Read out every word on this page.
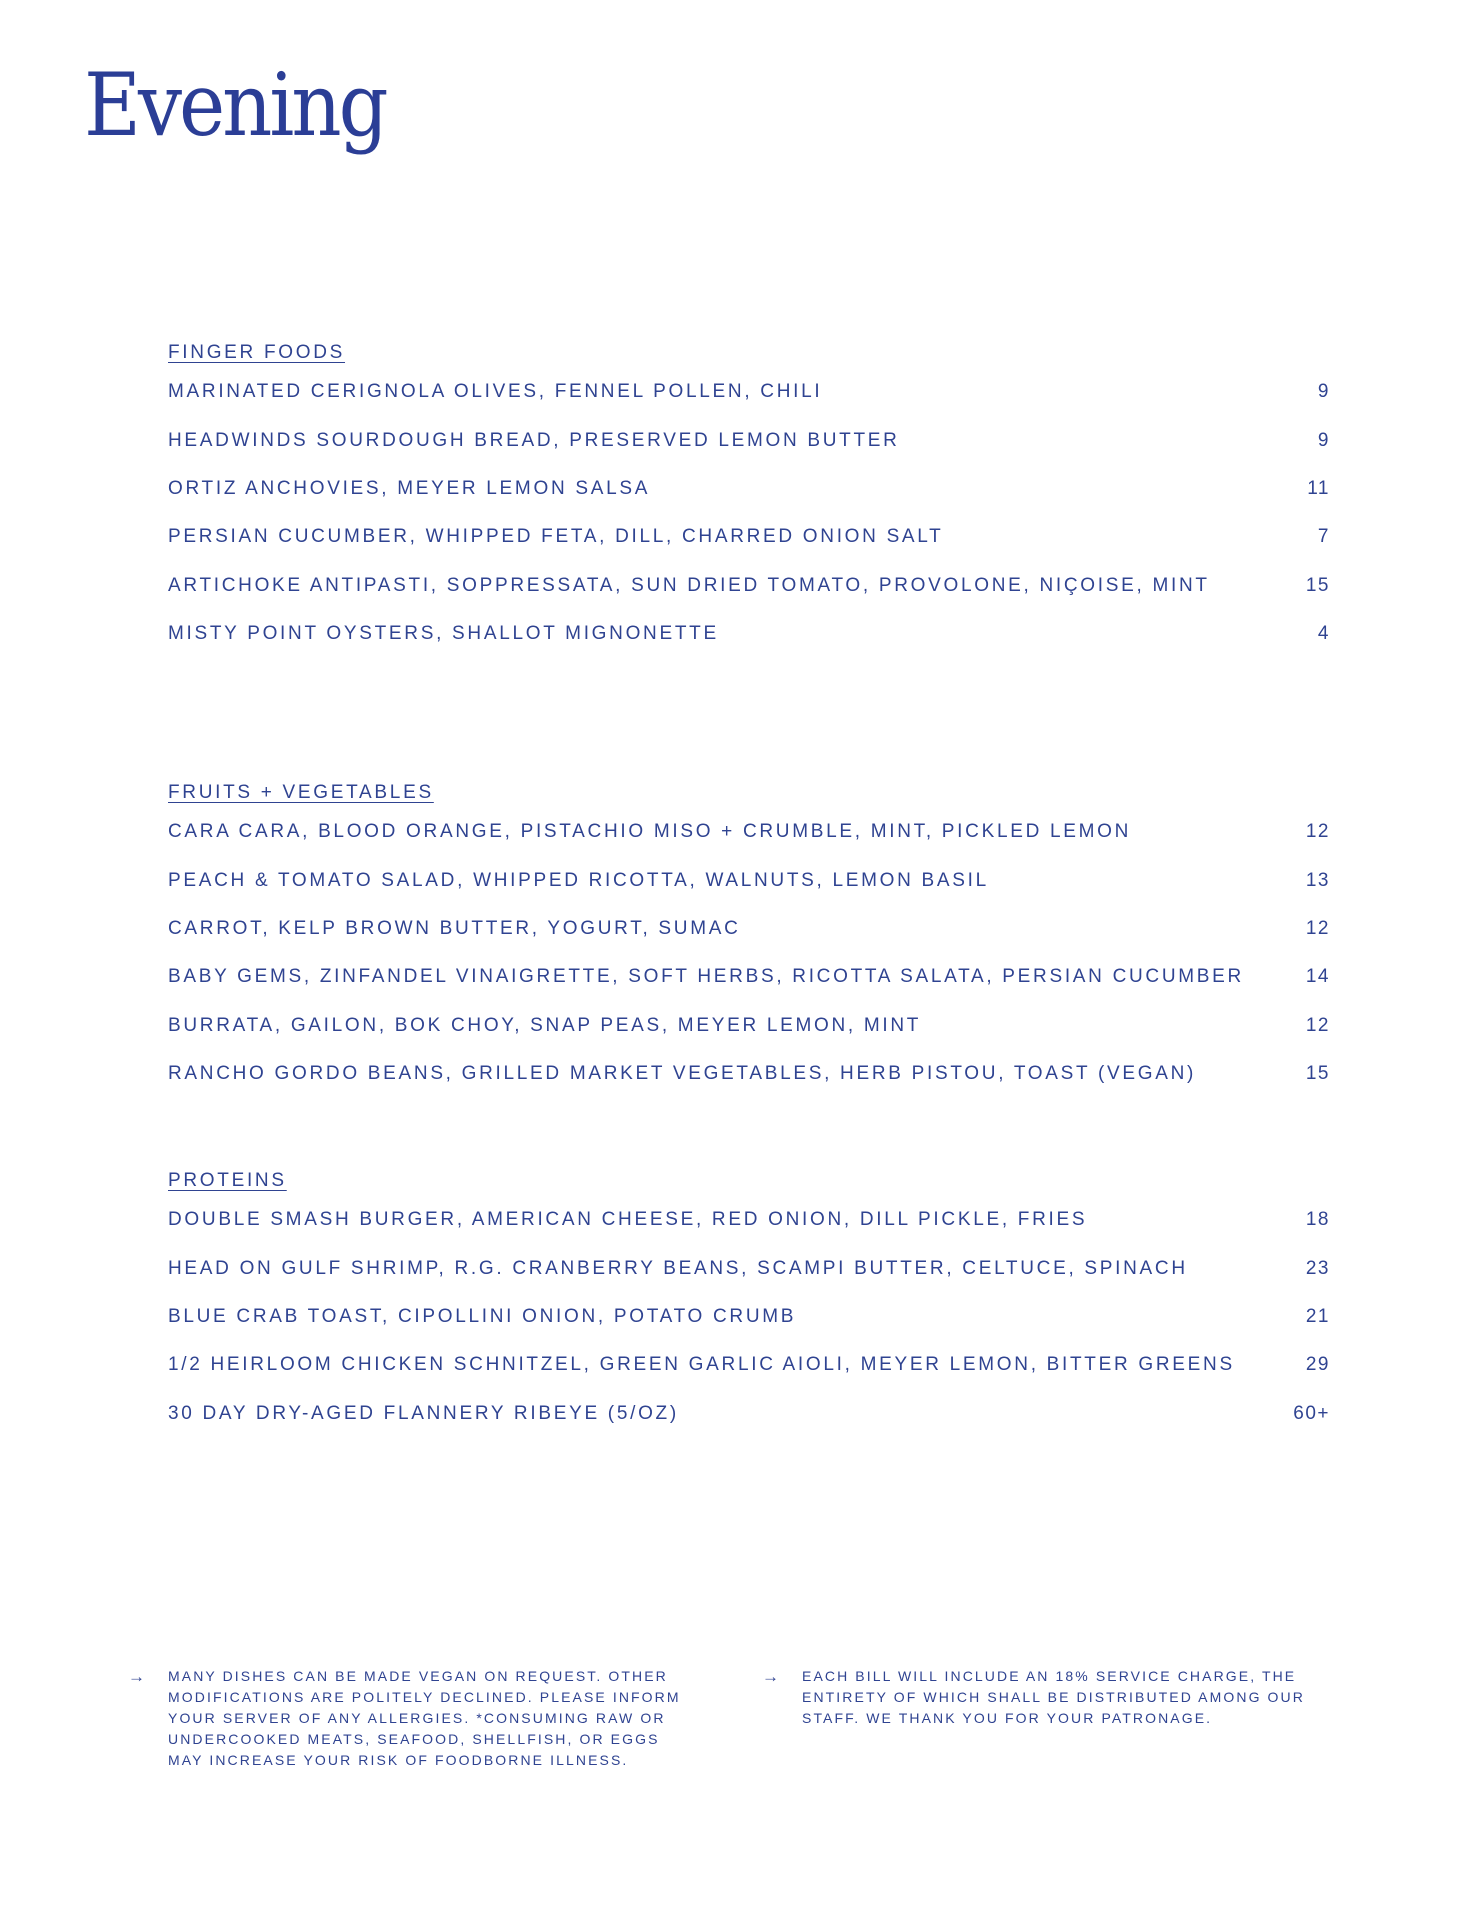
Evening
FINGER FOODS
MARINATED CERIGNOLA OLIVES, FENNEL POLLEN, CHILI	9
HEADWINDS SOURDOUGH BREAD, PRESERVED LEMON BUTTER	9
ORTIZ ANCHOVIES, MEYER LEMON SALSA	11
PERSIAN CUCUMBER, WHIPPED FETA, DILL, CHARRED ONION SALT	7
ARTICHOKE ANTIPASTI, SOPPRESSATA, SUN DRIED TOMATO, PROVOLONE, NIÇOISE, MINT	15
MISTY POINT OYSTERS, SHALLOT MIGNONETTE	4
FRUITS + VEGETABLES
CARA CARA, BLOOD ORANGE, PISTACHIO MISO + CRUMBLE, MINT, PICKLED LEMON	12
PEACH & TOMATO SALAD, WHIPPED RICOTTA, WALNUTS, LEMON BASIL	13
CARROT, KELP BROWN BUTTER, YOGURT, SUMAC	12
BABY GEMS, ZINFANDEL VINAIGRETTE, SOFT HERBS, RICOTTA SALATA, PERSIAN CUCUMBER	14
BURRATA, GAILON, BOK CHOY, SNAP PEAS, MEYER LEMON, MINT	12
RANCHO GORDO BEANS, GRILLED MARKET VEGETABLES, HERB PISTOU, TOAST (VEGAN)	15
PROTEINS
DOUBLE SMASH BURGER, AMERICAN CHEESE, RED ONION, DILL PICKLE, FRIES	18
HEAD ON GULF SHRIMP, R.G. CRANBERRY BEANS, SCAMPI BUTTER, CELTUCE, SPINACH	23
BLUE CRAB TOAST, CIPOLLINI ONION, POTATO CRUMB	21
1/2 HEIRLOOM CHICKEN SCHNITZEL, GREEN GARLIC AIOLI, MEYER LEMON, BITTER GREENS	29
30 DAY DRY-AGED FLANNERY RIBEYE (5/OZ)	60+
→	MANY DISHES CAN BE MADE VEGAN ON REQUEST. OTHER MODIFICATIONS ARE POLITELY DECLINED. PLEASE INFORM YOUR SERVER OF ANY ALLERGIES. *CONSUMING RAW OR UNDERCOOKED MEATS, SEAFOOD, SHELLFISH, OR EGGS MAY INCREASE YOUR RISK OF FOODBORNE ILLNESS.

→	EACH BILL WILL INCLUDE AN 18% SERVICE CHARGE, THE ENTIRETY OF WHICH SHALL BE DISTRIBUTED AMONG OUR STAFF. WE THANK YOU FOR YOUR PATRONAGE.
